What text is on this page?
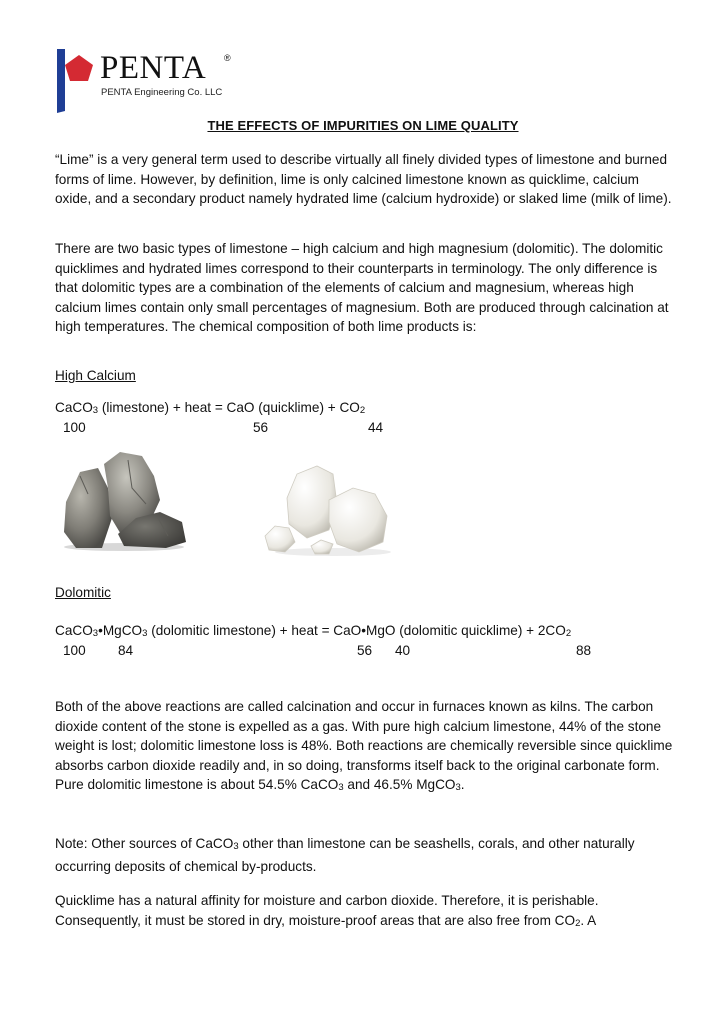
PENTA ®
PENTA Engineering Co. LLC
THE EFFECTS OF IMPURITIES ON LIME QUALITY

“Lime” is a very general term used to describe virtually all finely divided types of limestone and burned forms of lime. However, by definition, lime is only calcined limestone known as quicklime, calcium oxide, and a secondary product namely hydrated lime (calcium hydroxide) or slaked lime (milk of lime).

There are two basic types of limestone – high calcium and high magnesium (dolomitic). The dolomitic quicklimes and hydrated limes correspond to their counterparts in terminology. The only difference is that dolomitic types are a combination of the elements of calcium and magnesium, whereas high calcium limes contain only small percentages of magnesium. Both are produced through calcination at high temperatures. The chemical composition of both lime products is:

High Calcium
CaCO$_3$ (limestone) + heat = CaO (quicklime) + $CO_2$
100	56	44
Dolomitic
CaCO$_3$•MgCO$_3$ (dolomitic limestone) + heat = CaO•MgO (dolomitic quicklime) + $2CO_2$
100 84	56 40	88

Both of the above reactions are called calcination and occur in furnaces known as kilns. The carbon dioxide content of the stone is expelled as a gas. With pure high calcium limestone, 44% of the stone weight is lost; dolomitic limestone loss is 48%. Both reactions are chemically reversible since quicklime absorbs carbon dioxide readily and, in so doing, transforms itself back to the original carbonate form. Pure dolomitic limestone is about 54.5% CaCO$_3$ and 46.5% MgCO$_3$.

Note: Other sources of CaCO$_3$ other than limestone can be seashells, corals, and other naturally occurring deposits of chemical by-products.

Quicklime has a natural affinity for moisture and carbon dioxide. Therefore, it is perishable. Consequently, it must be stored in dry, moisture-proof areas that are also free from $CO_2$. A
